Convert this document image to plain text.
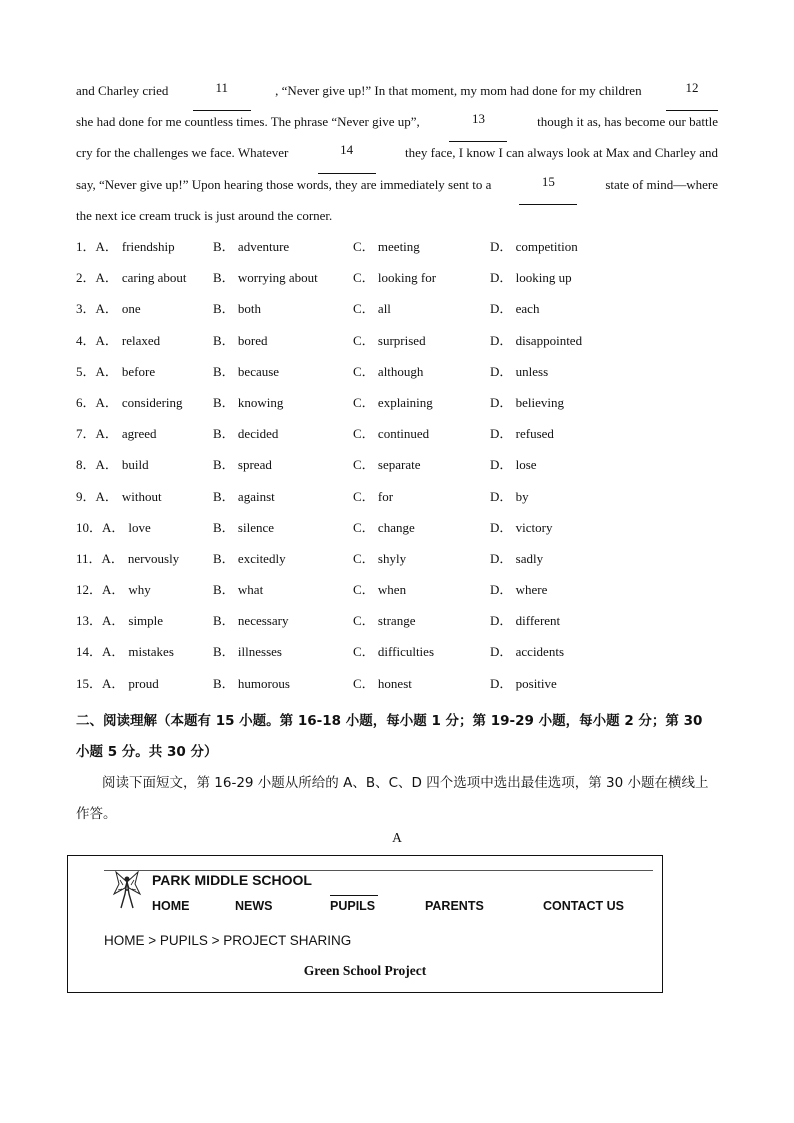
and Charley cried	11	, “Never give up!” In that moment, my mom had done for my children	12
she had done for me countless times. The phrase “Never give up”,	13	though it as, has become our battle
cry for the challenges we face. Whatever	14	they face, I know I can always look at Max and Charley and
say, “Never give up!” Upon hearing those words, they are immediately sent to a	15	state of mind—where
the next ice cream truck is just around the corner.
1．A． friendship	B． adventure	C． meeting	D． competition
2．A． caring about B． worrying about	C． looking for	D． looking up
3．A． one	B． both	C． all	D． each
4．A． relaxed	B． bored	C． surprised	D． disappointed
5．A． before	B． because	C． although	D． unless
6．A． considering B． knowing	C． explaining	D． believing
7．A． agreed	B． decided	C． continued	D． refused
8．A． build	B． spread	C． separate	D． lose
9．A． without	B． against	C． for	D． by
10．A． love	B． silence	C． change	D． victory
11．A． nervously	B． excitedly	C． shyly	D． sadly
12．A． why	B． what	C． when	D． where
13．A． simple	B． necessary	C． strange	D． different
14．A． mistakes	B． illnesses	C． difficulties	D． accidents
15．A． proud	B． humorous	C． honest	D． positive
二、阅读理解（本题有 15 小题。第 16-18 小题，每小题 1 分；第 19-29 小题，每小题 2 分；第 30 小题 5 分。共 30 分）
阅读下面短文，第 16-29 小题从所给的 A、B、C、D 四个选项中选出最佳选项，第 30 小题在横线上作答。
A
PARK MIDDLE SCHOOL
HOME	NEWS	PUPILS	PARENTS	CONTACT US
HOME > PUPILS > PROJECT SHARING
Green School Project
